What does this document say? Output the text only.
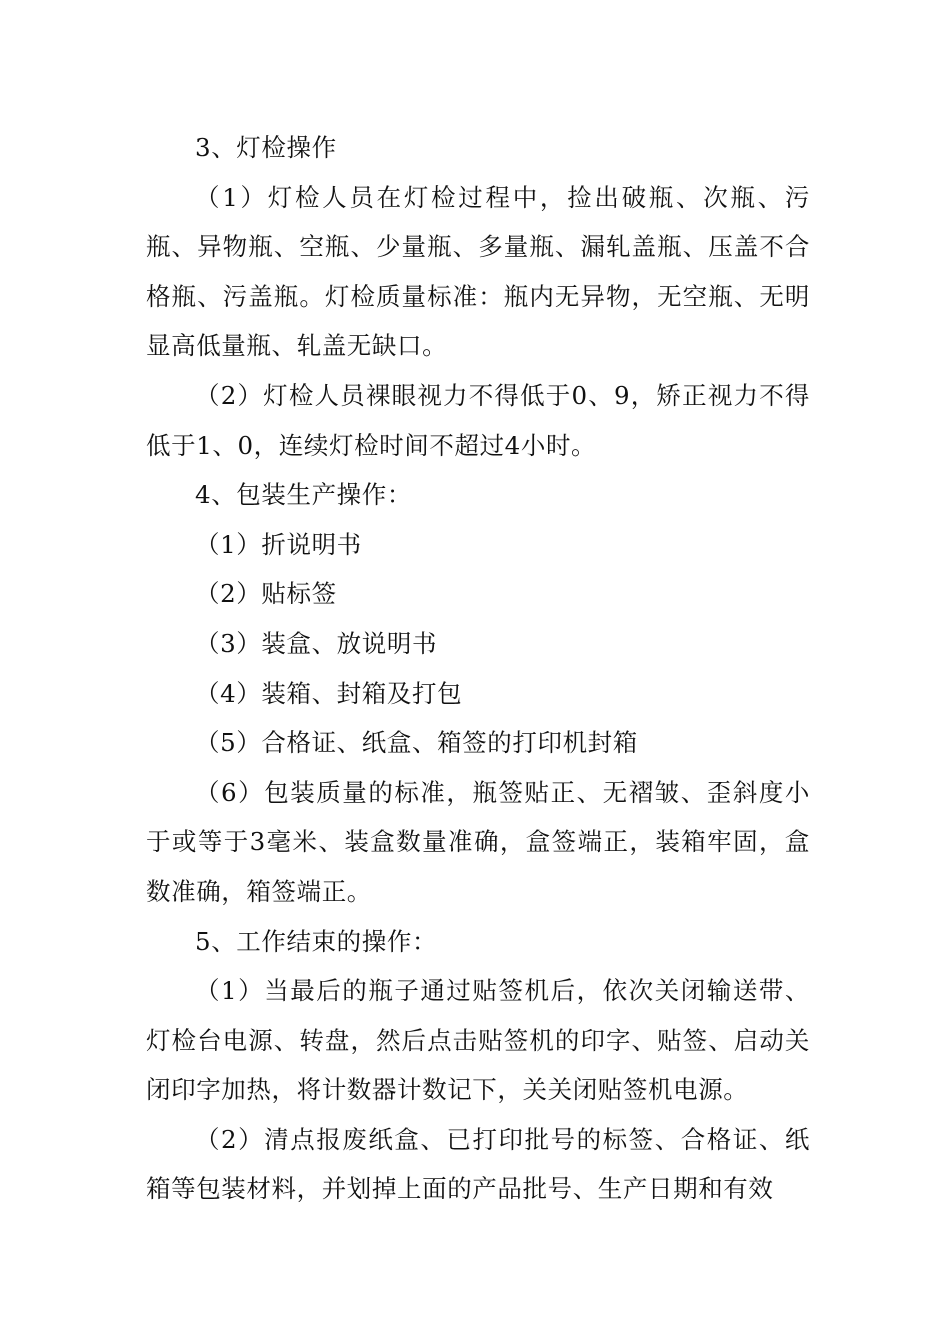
3、灯检操作

（1）灯检人员在灯检过程中，捡出破瓶、次瓶、污瓶、异物瓶、空瓶、少量瓶、多量瓶、漏轧盖瓶、压盖不合格瓶、污盖瓶。灯检质量标准：瓶内无异物，无空瓶、无明显高低量瓶、轧盖无缺口。

（2）灯检人员裸眼视力不得低于0、9，矫正视力不得低于1、0，连续灯检时间不超过4小时。

4、包装生产操作：

（1）折说明书

（2）贴标签

（3）装盒、放说明书

（4）装箱、封箱及打包

（5）合格证、纸盒、箱签的打印机封箱

（6）包装质量的标准，瓶签贴正、无褶皱、歪斜度小于或等于3毫米、装盒数量准确，盒签端正，装箱牢固，盒数准确，箱签端正。

5、工作结束的操作：

（1）当最后的瓶子通过贴签机后，依次关闭输送带、灯检台电源、转盘，然后点击贴签机的印字、贴签、启动关闭印字加热，将计数器计数记下，关关闭贴签机电源。

（2）清点报废纸盒、已打印批号的标签、合格证、纸箱等包装材料，并划掉上面的产品批号、生产日期和有效
